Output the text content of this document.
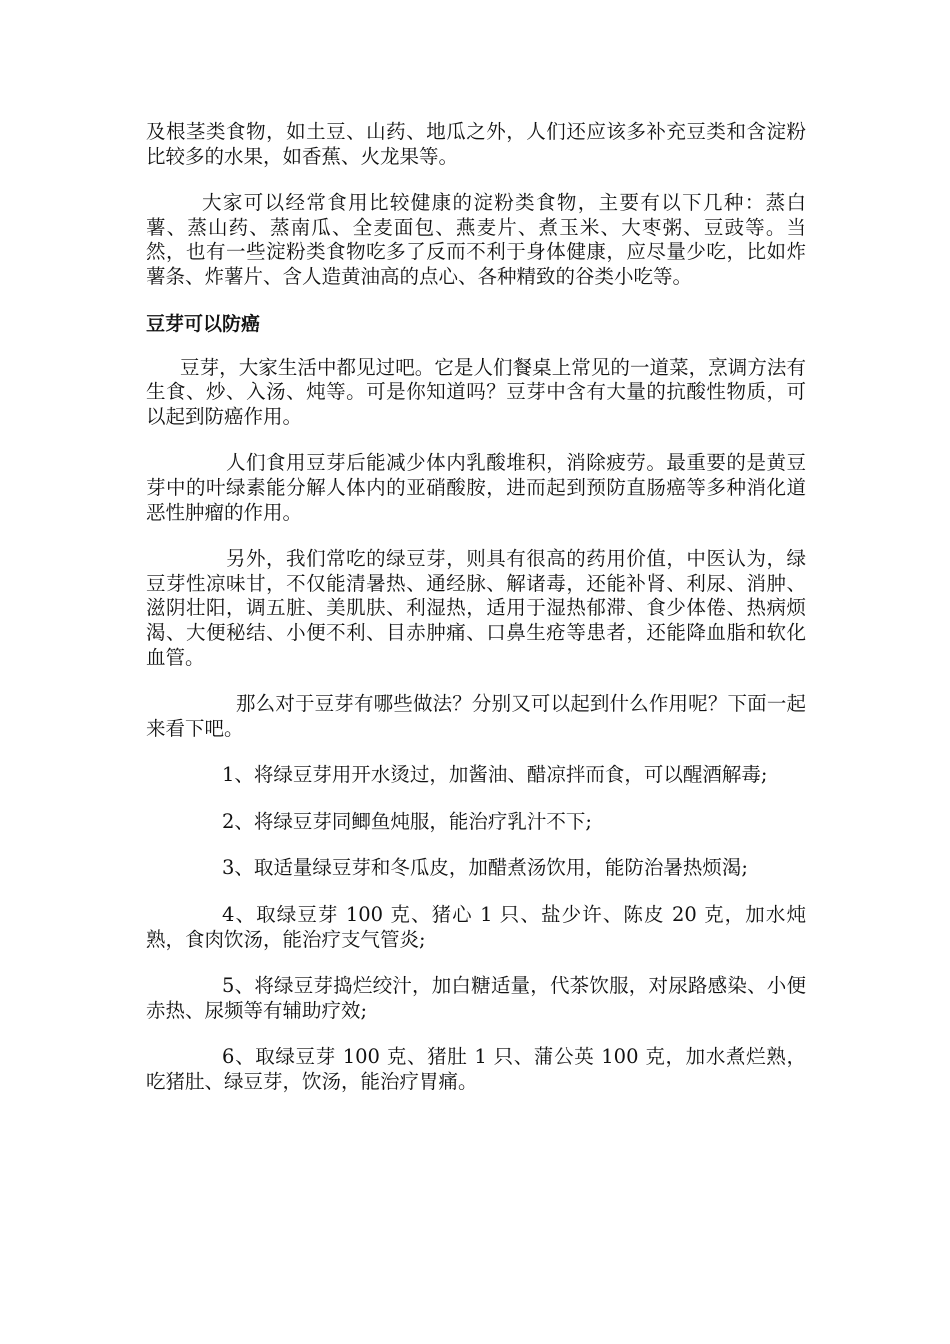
及根茎类食物，如土豆、山药、地瓜之外，人们还应该多补充豆类和含淀粉比较多的水果，如香蕉、火龙果等。

大家可以经常食用比较健康的淀粉类食物，主要有以下几种：蒸白薯、蒸山药、蒸南瓜、全麦面包、燕麦片、煮玉米、大枣粥、豆豉等。当然，也有一些淀粉类食物吃多了反而不利于身体健康，应尽量少吃，比如炸薯条、炸薯片、含人造黄油高的点心、各种精致的谷类小吃等。

豆芽可以防癌

豆芽，大家生活中都见过吧。它是人们餐桌上常见的一道菜，烹调方法有生食、炒、入汤、炖等。可是你知道吗？豆芽中含有大量的抗酸性物质，可以起到防癌作用。

人们食用豆芽后能减少体内乳酸堆积，消除疲劳。最重要的是黄豆芽中的叶绿素能分解人体内的亚硝酸胺，进而起到预防直肠癌等多种消化道恶性肿瘤的作用。

另外，我们常吃的绿豆芽，则具有很高的药用价值，中医认为，绿豆芽性凉味甘，不仅能清暑热、通经脉、解诸毒，还能补肾、利尿、消肿、滋阴壮阳，调五脏、美肌肤、利湿热，适用于湿热郁滞、食少体倦、热病烦渴、大便秘结、小便不利、目赤肿痛、口鼻生疮等患者，还能降血脂和软化血管。

那么对于豆芽有哪些做法？分别又可以起到什么作用呢？下面一起来看下吧。

1、将绿豆芽用开水烫过，加酱油、醋凉拌而食，可以醒酒解毒;

2、将绿豆芽同鲫鱼炖服，能治疗乳汁不下;

3、取适量绿豆芽和冬瓜皮，加醋煮汤饮用，能防治暑热烦渴;

4、取绿豆芽 100 克、猪心 1 只、盐少许、陈皮 20 克，加水炖熟，食肉饮汤，能治疗支气管炎;

5、将绿豆芽捣烂绞汁，加白糖适量，代茶饮服，对尿路感染、小便赤热、尿频等有辅助疗效;

6、取绿豆芽 100 克、猪肚 1 只、蒲公英 100 克，加水煮烂熟，吃猪肚、绿豆芽，饮汤，能治疗胃痛。
